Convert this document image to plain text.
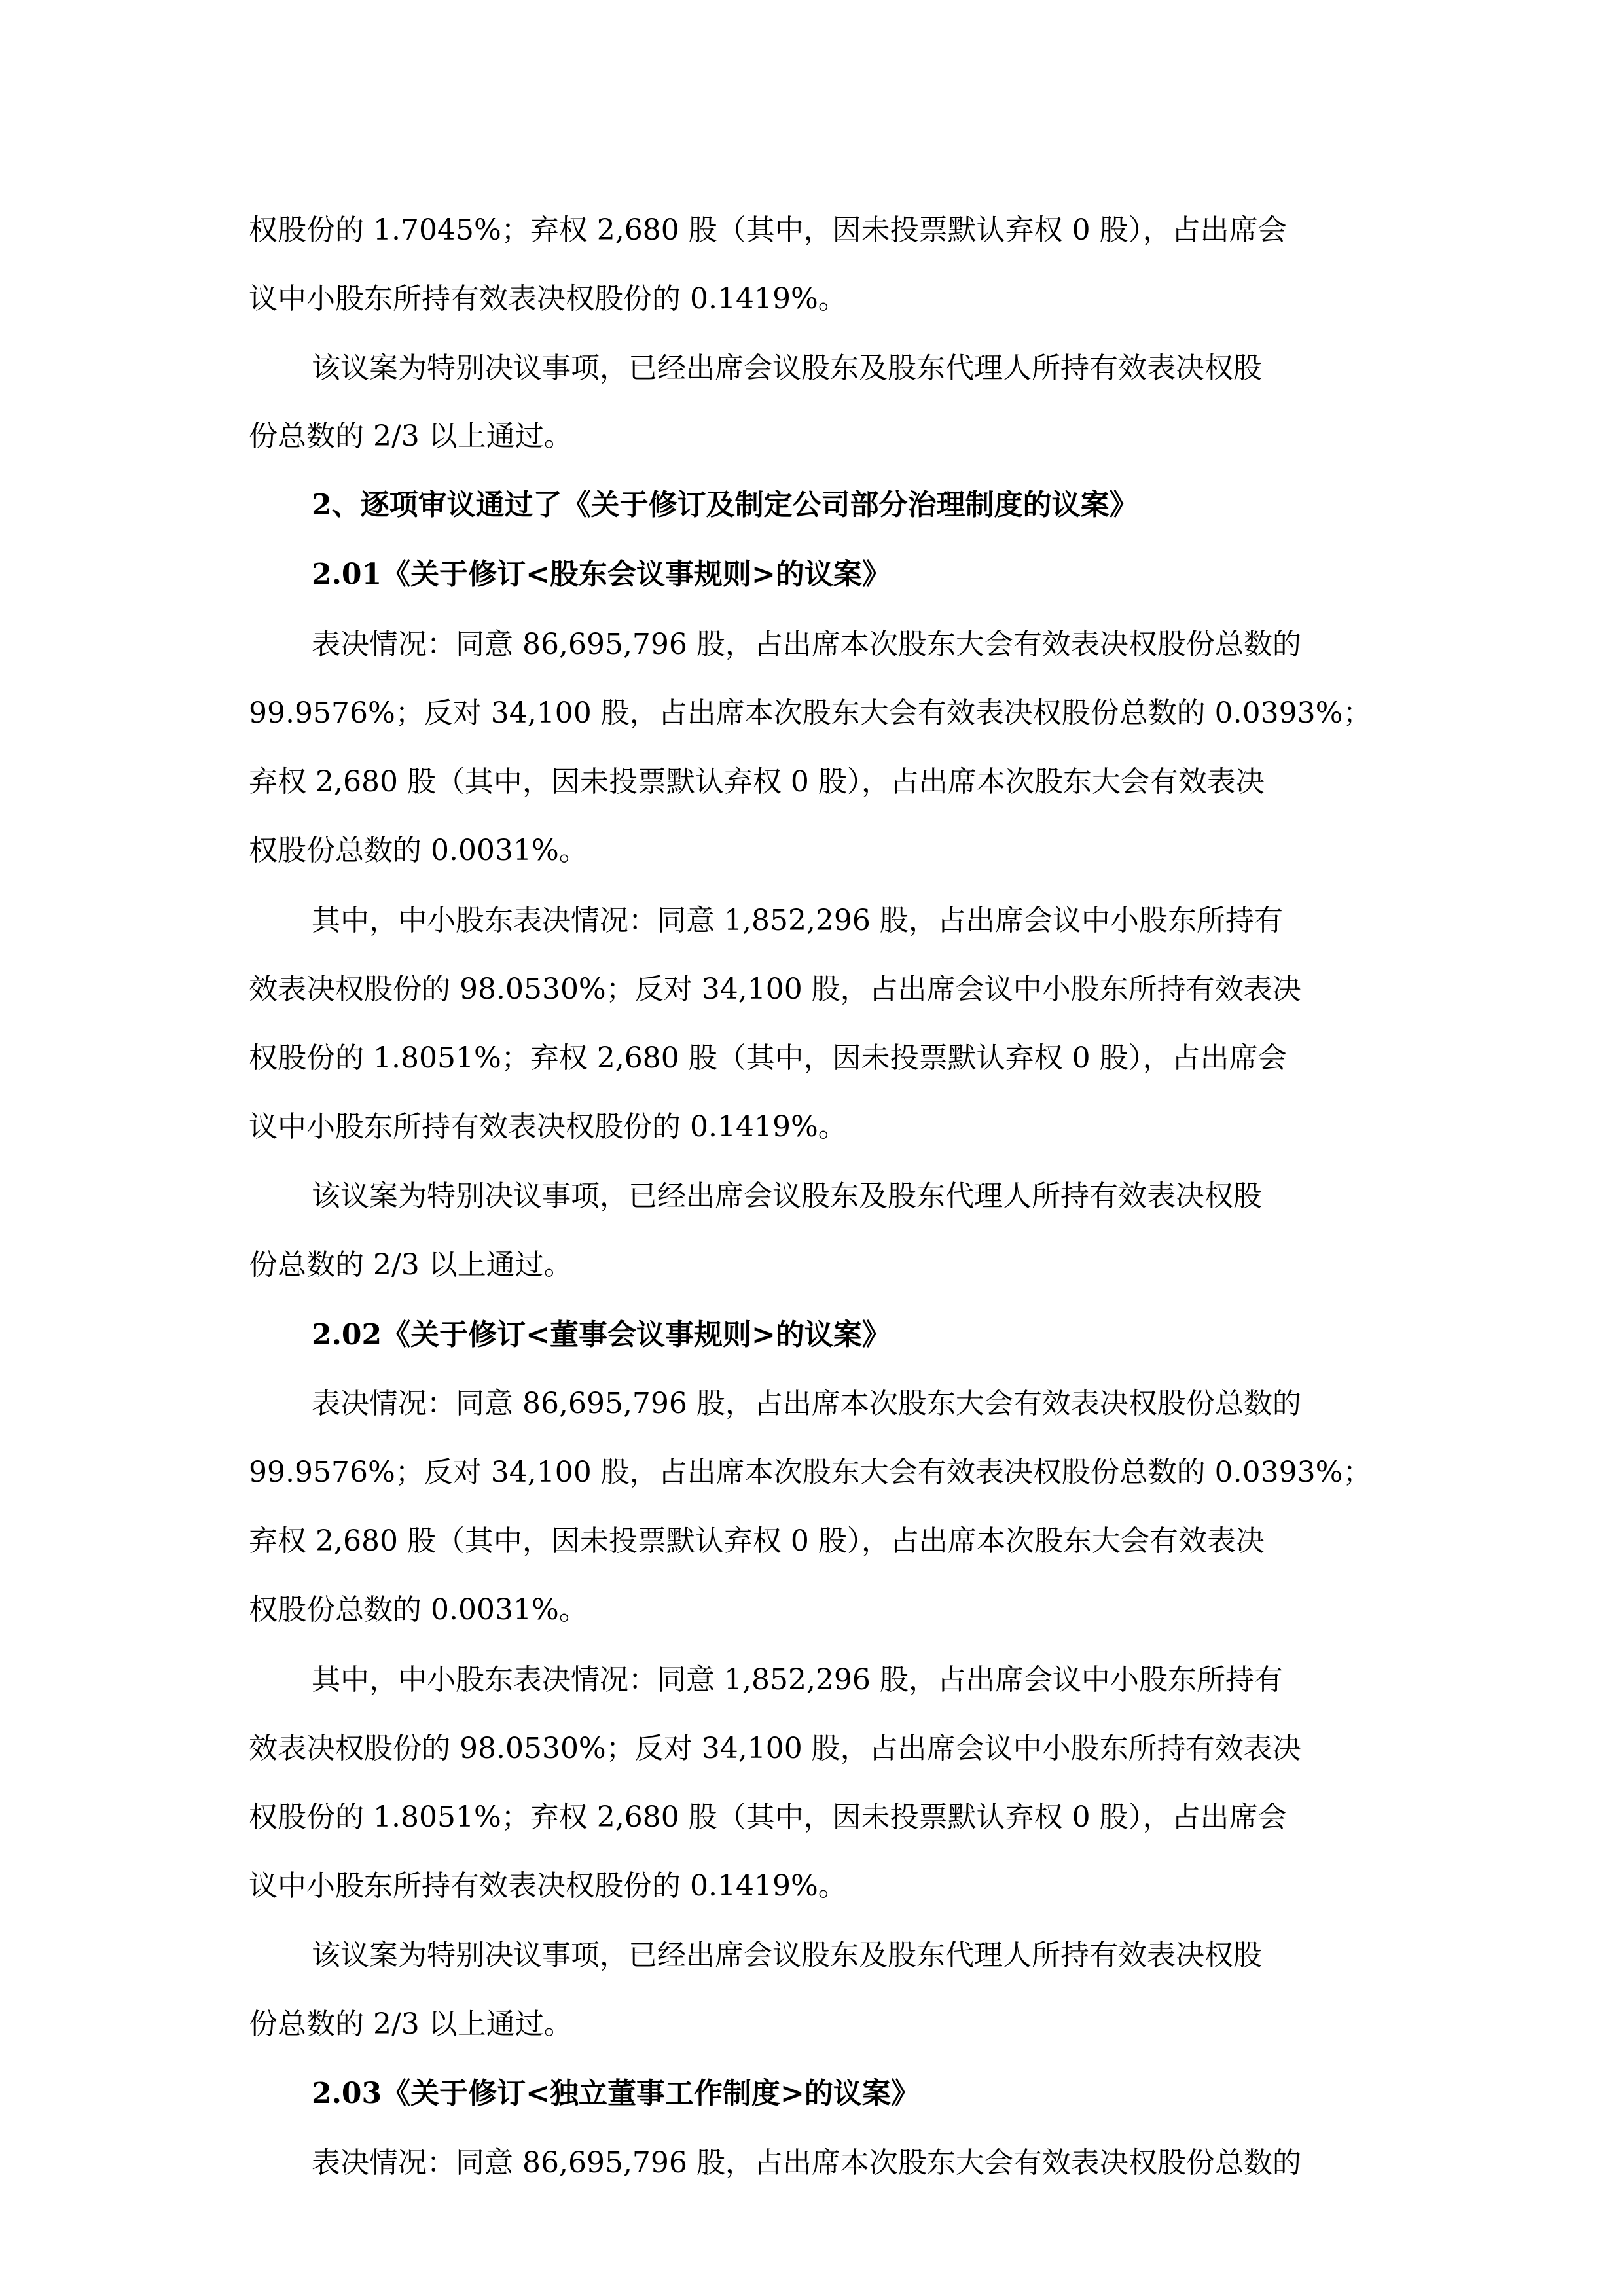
权股份的 1.7045%；弃权 2,680 股（其中，因未投票默认弃权 0 股），占出席会
议中小股东所持有效表决权股份的 0.1419%。
该议案为特别决议事项，已经出席会议股东及股东代理人所持有效表决权股
份总数的 2/3 以上通过。
2、逐项审议通过了《关于修订及制定公司部分治理制度的议案》
2.01《关于修订<股东会议事规则>的议案》
表决情况：同意 86,695,796 股，占出席本次股东大会有效表决权股份总数的
99.9576%；反对 34,100 股，占出席本次股东大会有效表决权股份总数的 0.0393%；
弃权 2,680 股（其中，因未投票默认弃权 0 股），占出席本次股东大会有效表决
权股份总数的 0.0031%。
其中，中小股东表决情况：同意 1,852,296 股，占出席会议中小股东所持有
效表决权股份的 98.0530%；反对 34,100 股，占出席会议中小股东所持有效表决
权股份的 1.8051%；弃权 2,680 股（其中，因未投票默认弃权 0 股），占出席会
议中小股东所持有效表决权股份的 0.1419%。
该议案为特别决议事项，已经出席会议股东及股东代理人所持有效表决权股
份总数的 2/3 以上通过。
2.02《关于修订<董事会议事规则>的议案》
表决情况：同意 86,695,796 股，占出席本次股东大会有效表决权股份总数的
99.9576%；反对 34,100 股，占出席本次股东大会有效表决权股份总数的 0.0393%；
弃权 2,680 股（其中，因未投票默认弃权 0 股），占出席本次股东大会有效表决
权股份总数的 0.0031%。
其中，中小股东表决情况：同意 1,852,296 股，占出席会议中小股东所持有
效表决权股份的 98.0530%；反对 34,100 股，占出席会议中小股东所持有效表决
权股份的 1.8051%；弃权 2,680 股（其中，因未投票默认弃权 0 股），占出席会
议中小股东所持有效表决权股份的 0.1419%。
该议案为特别决议事项，已经出席会议股东及股东代理人所持有效表决权股
份总数的 2/3 以上通过。
2.03《关于修订<独立董事工作制度>的议案》
表决情况：同意 86,695,796 股，占出席本次股东大会有效表决权股份总数的
